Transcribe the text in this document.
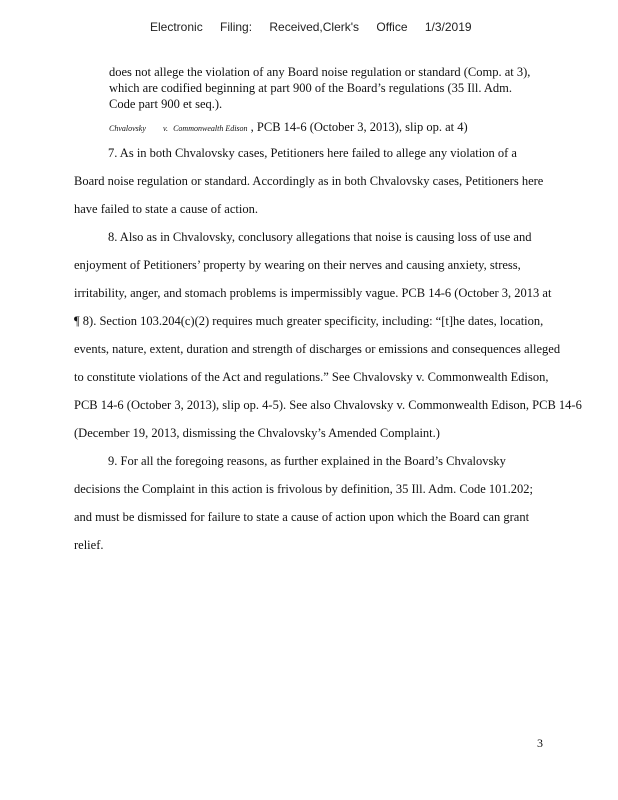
Electronic Filing: Received,Clerk's Office 1/3/2019
does not allege the violation of any Board noise regulation or standard (Comp. at 3),
which are codified beginning at part 900 of the Board’s regulations (35 Ill. Adm.
Code part 900 et seq.).
Chvalovsky v. Commonwealth Edison , PCB 14-6 (October 3, 2013), slip op. at 4)
7. As in both Chvalovsky cases, Petitioners here failed to allege any violation of a
Board noise regulation or standard. Accordingly as in both Chvalovsky cases, Petitioners here
have failed to state a cause of action.
8. Also as in Chvalovsky, conclusory allegations that noise is causing loss of use and
enjoyment of Petitioners’ property by wearing on their nerves and causing anxiety, stress,
irritability, anger, and stomach problems is impermissibly vague. PCB 14-6 (October 3, 2013 at
¶ 8). Section 103.204(c)(2) requires much greater specificity, including: “[t]he dates, location,
events, nature, extent, duration and strength of discharges or emissions and consequences alleged
to constitute violations of the Act and regulations.” See Chvalovsky v. Commonwealth Edison,
PCB 14-6 (October 3, 2013), slip op. 4-5). See also Chvalovsky v. Commonwealth Edison, PCB 14-6
(December 19, 2013, dismissing the Chvalovsky’s Amended Complaint.)
9. For all the foregoing reasons, as further explained in the Board’s Chvalovsky
decisions the Complaint in this action is frivolous by definition, 35 Ill. Adm. Code 101.202;
and must be dismissed for failure to state a cause of action upon which the Board can grant
relief.
3
